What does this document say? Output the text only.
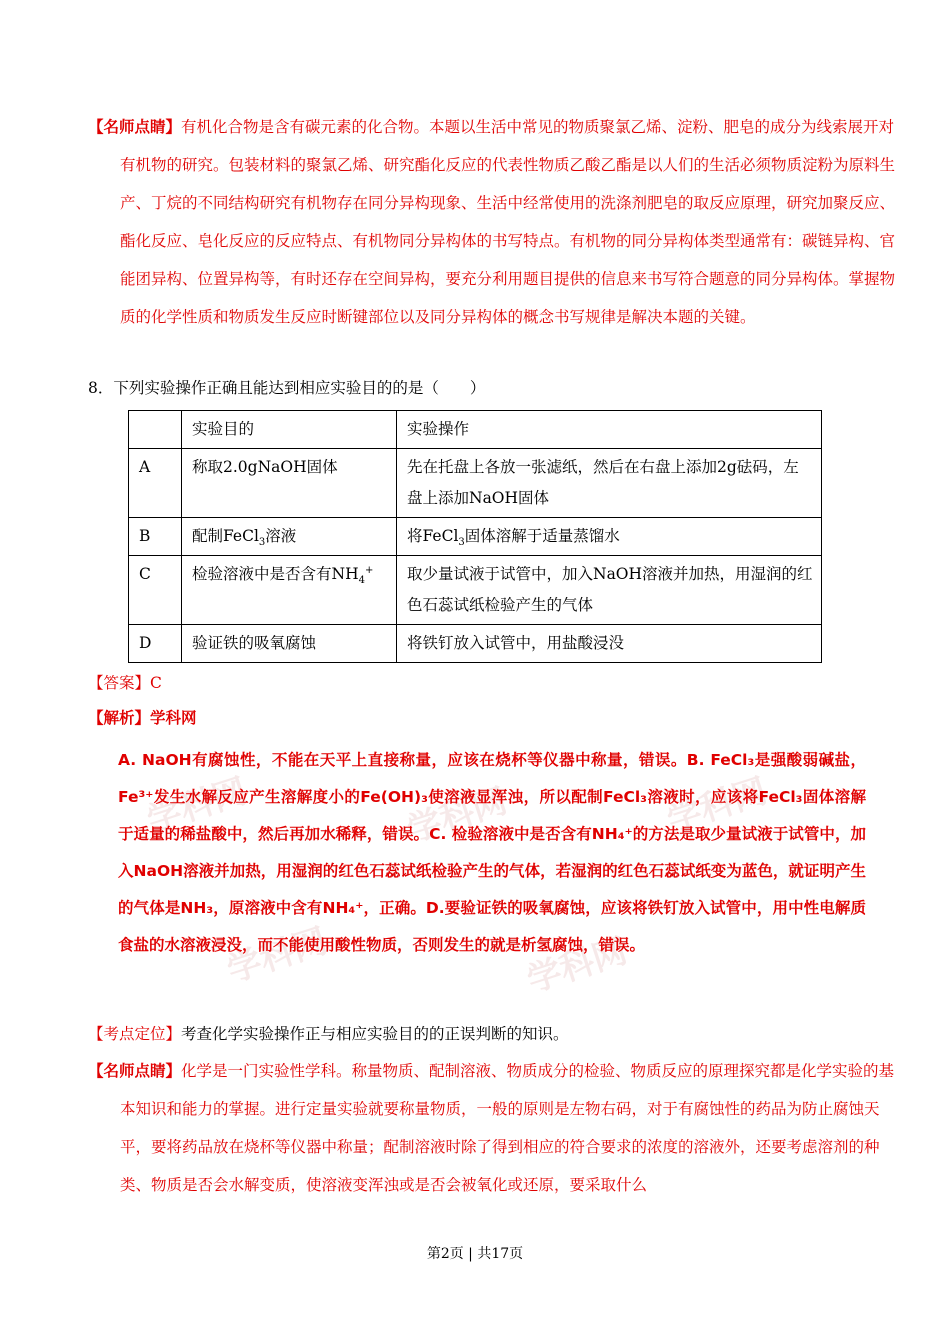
【名师点睛】有机化合物是含有碳元素的化合物。本题以生活中常见的物质聚氯乙烯、淀粉、肥皂的成分为线索展开对有机物的研究。包装材料的聚氯乙烯、研究酯化反应的代表性物质乙酸乙酯是以人们的生活必须物质淀粉为原料生产、丁烷的不同结构研究有机物存在同分异构现象、生活中经常使用的洗涤剂肥皂的取反应原理，研究加聚反应、酯化反应、皂化反应的反应特点、有机物同分异构体的书写特点。有机物的同分异构体类型通常有：碳链异构、官能团异构、位置异构等，有时还存在空间异构，要充分利用题目提供的信息来书写符合题意的同分异构体。掌握物质的化学性质和物质发生反应时断键部位以及同分异构体的概念书写规律是解决本题的关键。
8．下列实验操作正确且能达到相应实验目的的是（　　）
	实验目的	实验操作
A	称取2.0gNaOH固体	先在托盘上各放一张滤纸，然后在右盘上添加2g砝码，左盘上添加NaOH固体
B	配制FeCl$_3$溶液	将FeCl$_3$固体溶解于适量蒸馏水
C	检验溶液中是否含有$NH_4^+$	取少量试液于试管中，加入NaOH溶液并加热，用湿润的红色石蕊试纸检验产生的气体
D	验证铁的吸氧腐蚀	将铁钉放入试管中，用盐酸浸没
【答案】C
【解析】学科网
学科网	学科网	学科网
学科网	学科网
A. NaOH有腐蚀性，不能在天平上直接称量，应该在烧杯等仪器中称量，错误。B. FeCl₃是强酸弱碱盐，Fe³⁺发生水解反应产生溶解度小的Fe(OH)₃使溶液显浑浊，所以配制FeCl₃溶液时，应该将FeCl₃固体溶解于适量的稀盐酸中，然后再加水稀释，错误。C. 检验溶液中是否含有NH₄⁺的方法是取少量试液于试管中，加入NaOH溶液并加热，用湿润的红色石蕊试纸检验产生的气体，若湿润的红色石蕊试纸变为蓝色，就证明产生的气体是NH₃，原溶液中含有NH₄⁺，正确。D.要验证铁的吸氧腐蚀，应该将铁钉放入试管中，用中性电解质食盐的水溶液浸没，而不能使用酸性物质，否则发生的就是析氢腐蚀，错误。
【考点定位】考查化学实验操作正与相应实验目的的正误判断的知识。
【名师点睛】化学是一门实验性学科。称量物质、配制溶液、物质成分的检验、物质反应的原理探究都是化学实验的基本知识和能力的掌握。进行定量实验就要称量物质，一般的原则是左物右码，对于有腐蚀性的药品为防止腐蚀天平，要将药品放在烧杯等仪器中称量；配制溶液时除了得到相应的符合要求的浓度的溶液外，还要考虑溶剂的种类、物质是否会水解变质，使溶液变浑浊或是否会被氧化或还原，要采取什么
第2页 | 共17页
